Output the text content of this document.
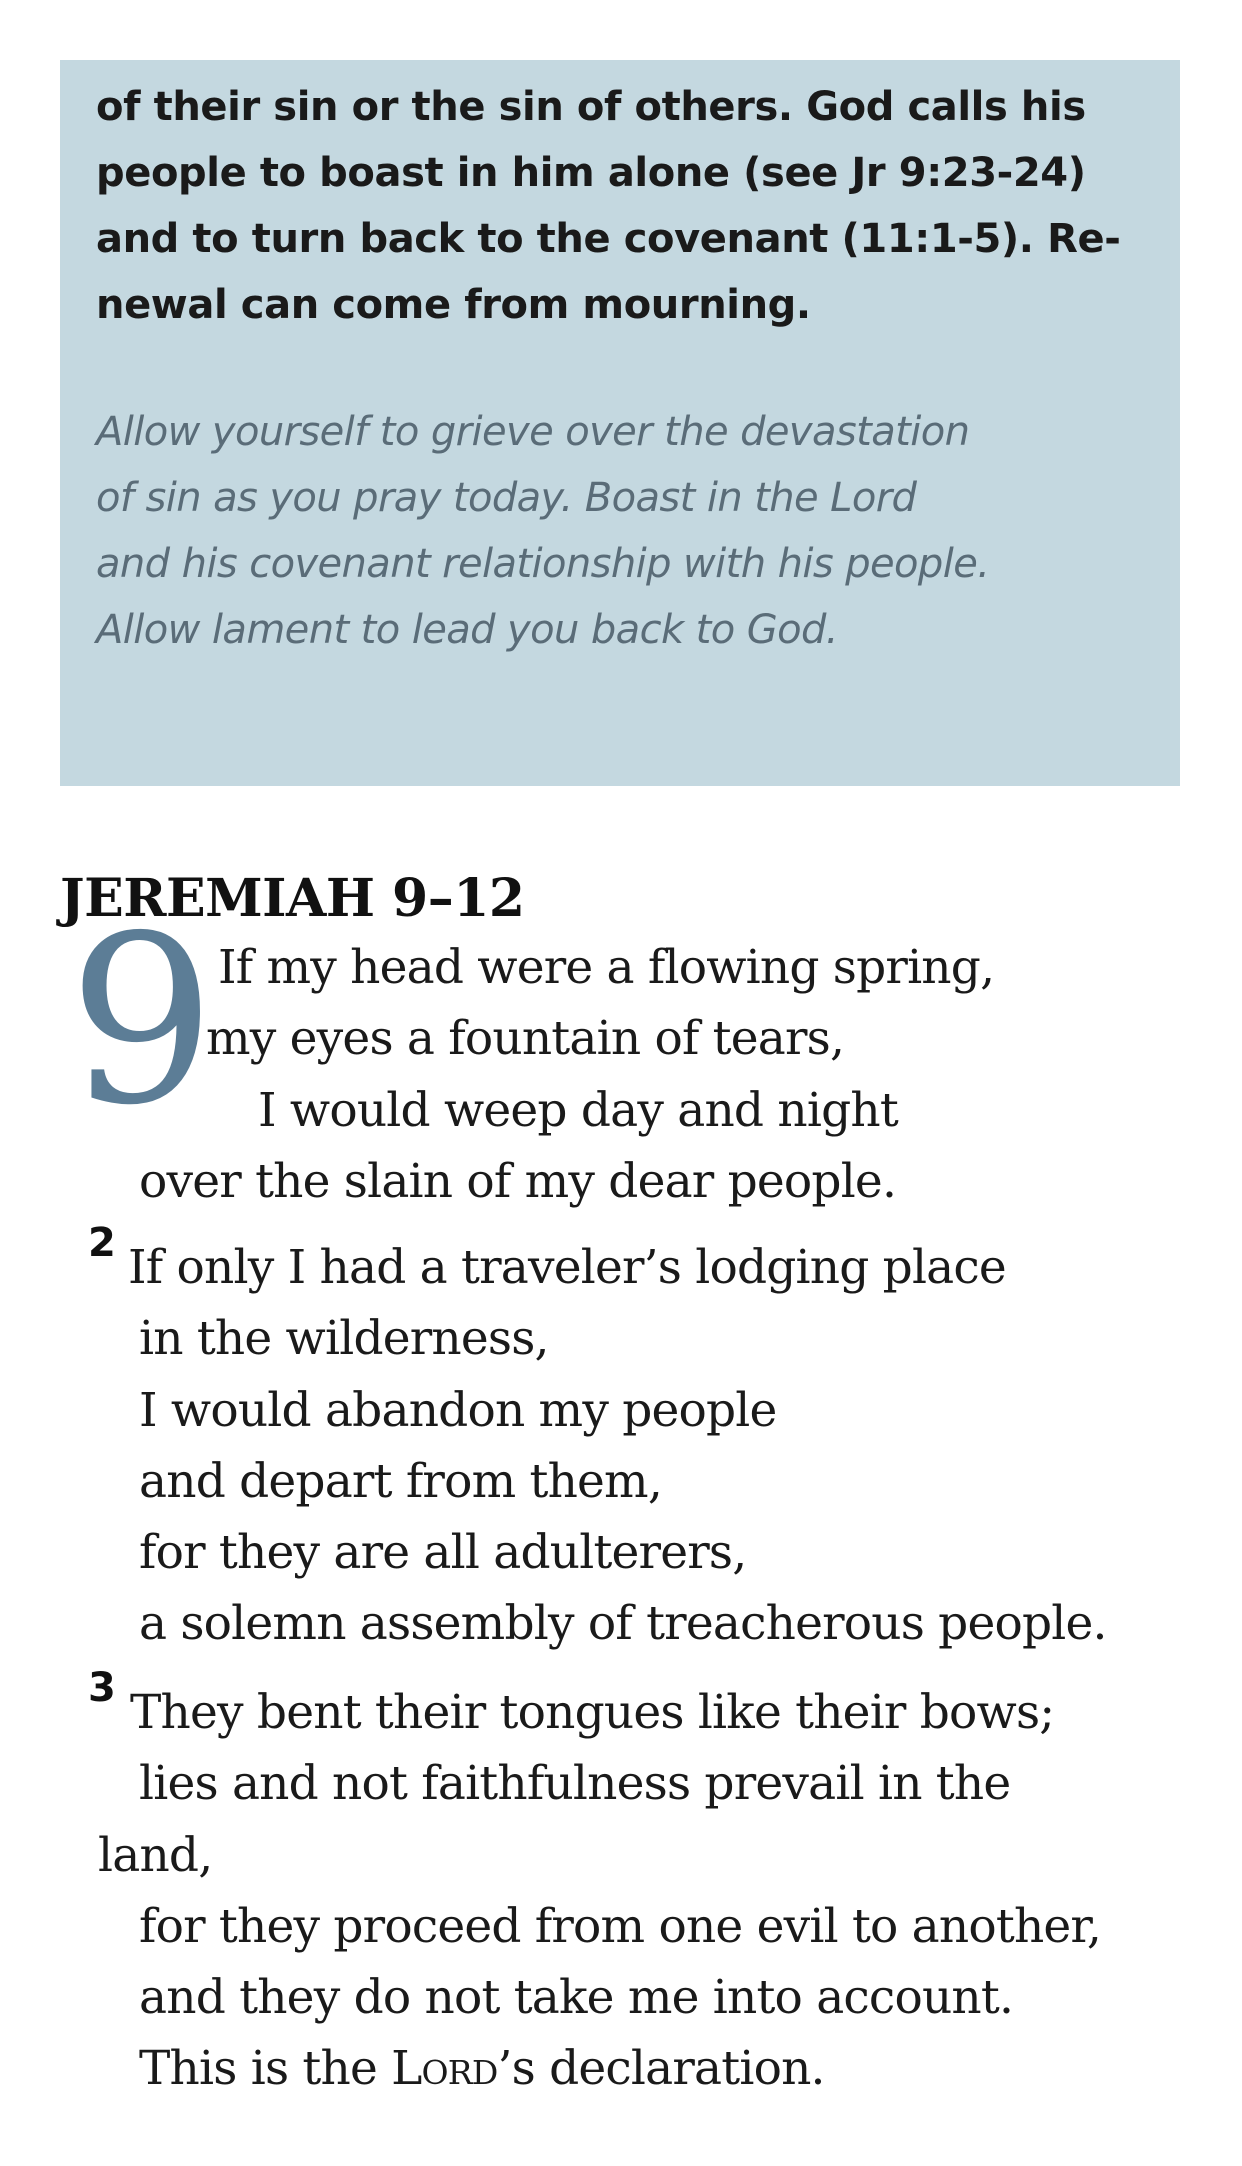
of their sin or the sin of others. God calls his
people to boast in him alone (see Jr 9:23-24)
and to turn back to the covenant (11:1-5). Re-
newal can come from mourning.

Allow yourself to grieve over the devastation
of sin as you pray today. Boast in the Lord
and his covenant relationship with his people.
Allow lament to lead you back to God.

JEREMIAH 9–12
9 If my head were a flowing spring,

my eyes a fountain of tears,

I would weep day and night

over the slain of my dear people.

2 If only I had a traveler’s lodging place

in the wilderness,

I would abandon my people

and depart from them,

for they are all adulterers,

a solemn assembly of treacherous people.

3 They bent their tongues like their bows;

lies and not faithfulness prevail in the

land,

for they proceed from one evil to another,

and they do not take me into account.

This is the Lord’s declaration.
